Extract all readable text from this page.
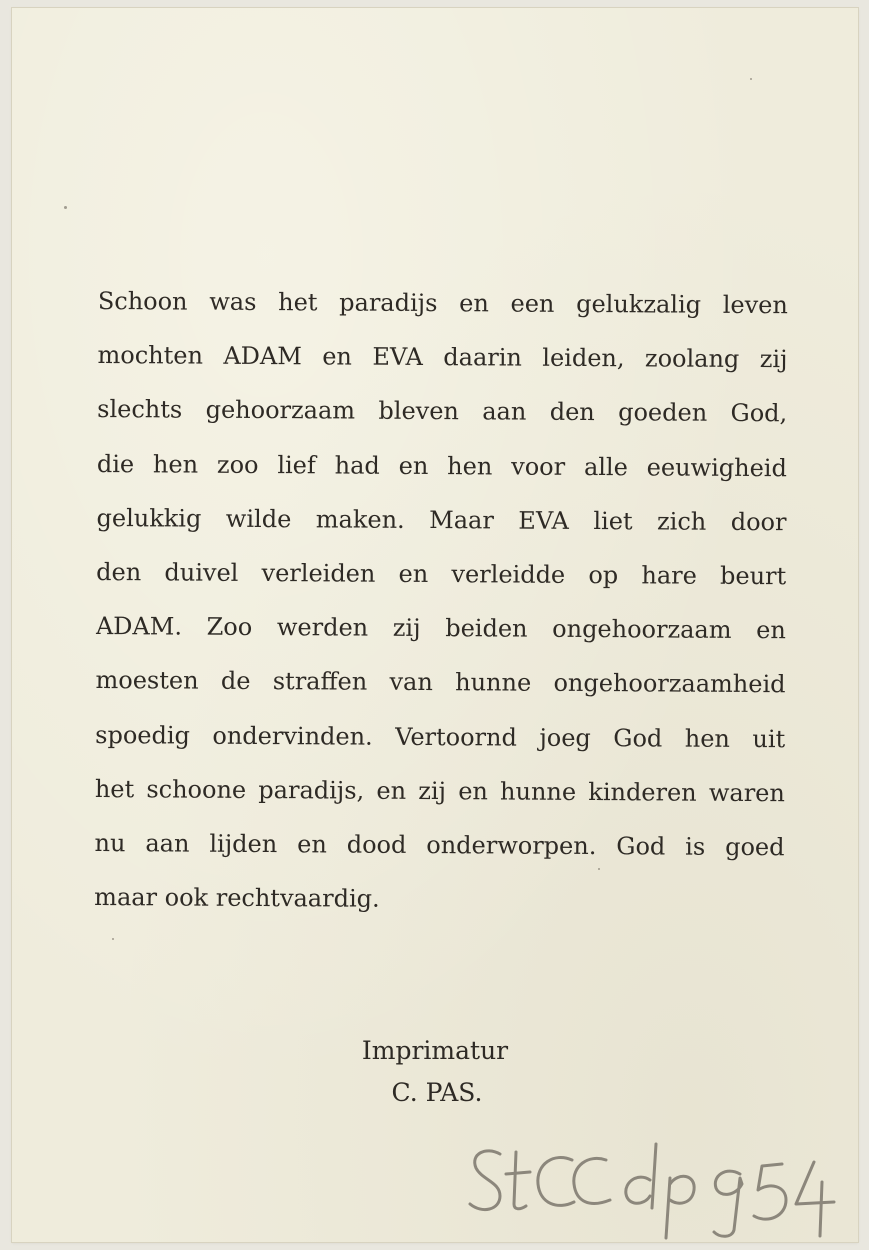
Schoon was het paradijs en een gelukzalig leven
mochten ADAM en EVA daarin leiden, zoolang zij
slechts gehoorzaam bleven aan den goeden God,
die hen zoo lief had en hen voor alle eeuwigheid
gelukkig wilde maken. Maar EVA liet zich door
den duivel verleiden en verleidde op hare beurt
ADAM. Zoo werden zij beiden ongehoorzaam en
moesten de straffen van hunne ongehoorzaamheid
spoedig ondervinden. Vertoornd joeg God hen uit
het schoone paradijs, en zij en hunne kinderen waren
nu aan lijden en dood onderworpen. God is goed
maar ook rechtvaardig.
Imprimatur
C. PAS.
